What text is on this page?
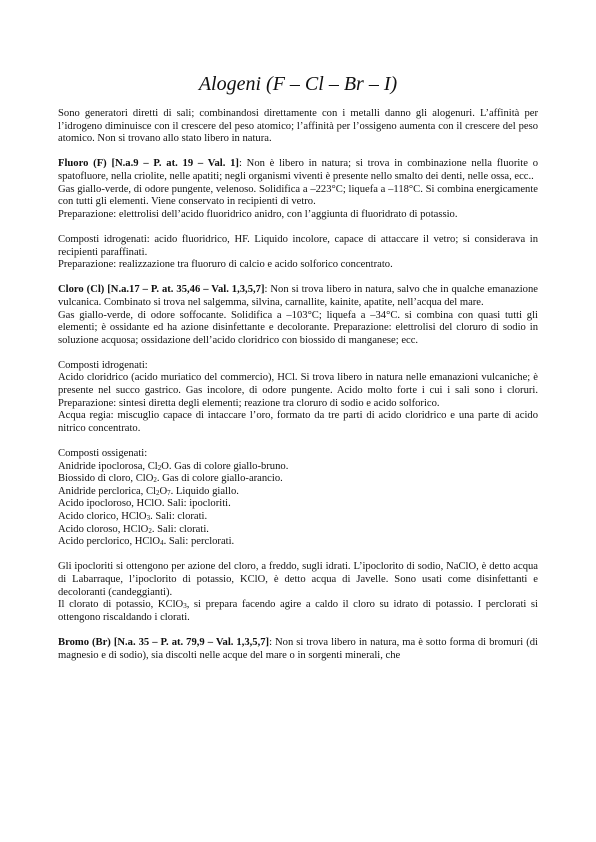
Alogeni (F – Cl – Br – I)

Sono generatori diretti di sali; combinandosi direttamente con i metalli danno gli alogenuri. L’affinità per l’idrogeno diminuisce con il crescere del peso atomico; l’affinità per l’ossigeno aumenta con il crescere del peso atomico. Non si trovano allo stato libero in natura.

Fluoro (F) [N.a.9 – P. at. 19 – Val. 1]: Non è libero in natura; si trova in combinazione nella fluorite o spatofluore, nella criolite, nelle apatiti; negli organismi viventi è presente nello smalto dei denti, nelle ossa, ecc..

Gas giallo-verde, di odore pungente, velenoso. Solidifica a –223°C; liquefa a –118°C. Si combina energicamente con tutti gli elementi. Viene conservato in recipienti di vetro.

Preparazione: elettrolisi dell’acido fluoridrico anidro, con l’aggiunta di fluoridrato di potassio.

Composti idrogenati: acido fluoridrico, HF. Liquido incolore, capace di attaccare il vetro; si considerava in recipienti paraffinati.

Preparazione: realizzazione tra fluoruro di calcio e acido solforico concentrato.

Cloro (Cl) [N.a.17 – P. at. 35,46 – Val. 1,3,5,7]: Non si trova libero in natura, salvo che in qualche emanazione vulcanica. Combinato si trova nel salgemma, silvina, carnallite, kainite, apatite, nell’acqua del mare.

Gas giallo-verde, di odore soffocante. Solidifica a –103°C; liquefa a –34°C. si combina con quasi tutti gli elementi; è ossidante ed ha azione disinfettante e decolorante. Preparazione: elettrolisi del cloruro di sodio in soluzione acquosa; ossidazione dell’acido cloridrico con biossido di manganese; ecc.

Composti idrogenati:

Acido cloridrico (acido muriatico del commercio), HCl. Si trova libero in natura nelle emanazioni vulcaniche; è presente nel succo gastrico. Gas incolore, di odore pungente. Acido molto forte i cui i sali sono i cloruri. Preparazione: sintesi diretta degli elementi; reazione tra cloruro di sodio e acido solforico.

Acqua regia: miscuglio capace di intaccare l’oro, formato da tre parti di acido cloridrico e una parte di acido nitrico concentrato.

Composti ossigenati:

Anidride ipoclorosa, $Cl_2O$. Gas di colore giallo-bruno.

Biossido di cloro, ClO$_2$. Gas di colore giallo-arancio.

Anidride perclorica, $Cl_2O_7$. Liquido giallo.

Acido ipocloroso, HClO. Sali: ipocloriti.

Acido clorico, HClO$_3$. Sali: clorati.

Acido cloroso, HClO$_2$. Sali: clorati.

Acido perclorico, HClO$_4$. Sali: perclorati.

Gli ipocloriti si ottengono per azione del cloro, a freddo, sugli idrati. L’ipoclorito di sodio, NaClO, è detto acqua di Labarraque, l’ipoclorito di potassio, KClO, è detto acqua di Javelle. Sono usati come disinfettanti e decoloranti (candeggianti).

Il clorato di potassio, KClO$_3$, si prepara facendo agire a caldo il cloro su idrato di potassio. I perclorati si ottengono riscaldando i clorati.

Bromo (Br) [N.a. 35 – P. at. 79,9 – Val. 1,3,5,7]: Non si trova libero in natura, ma è sotto forma di bromuri (di magnesio e di sodio), sia discolti nelle acque del mare o in sorgenti minerali, che
